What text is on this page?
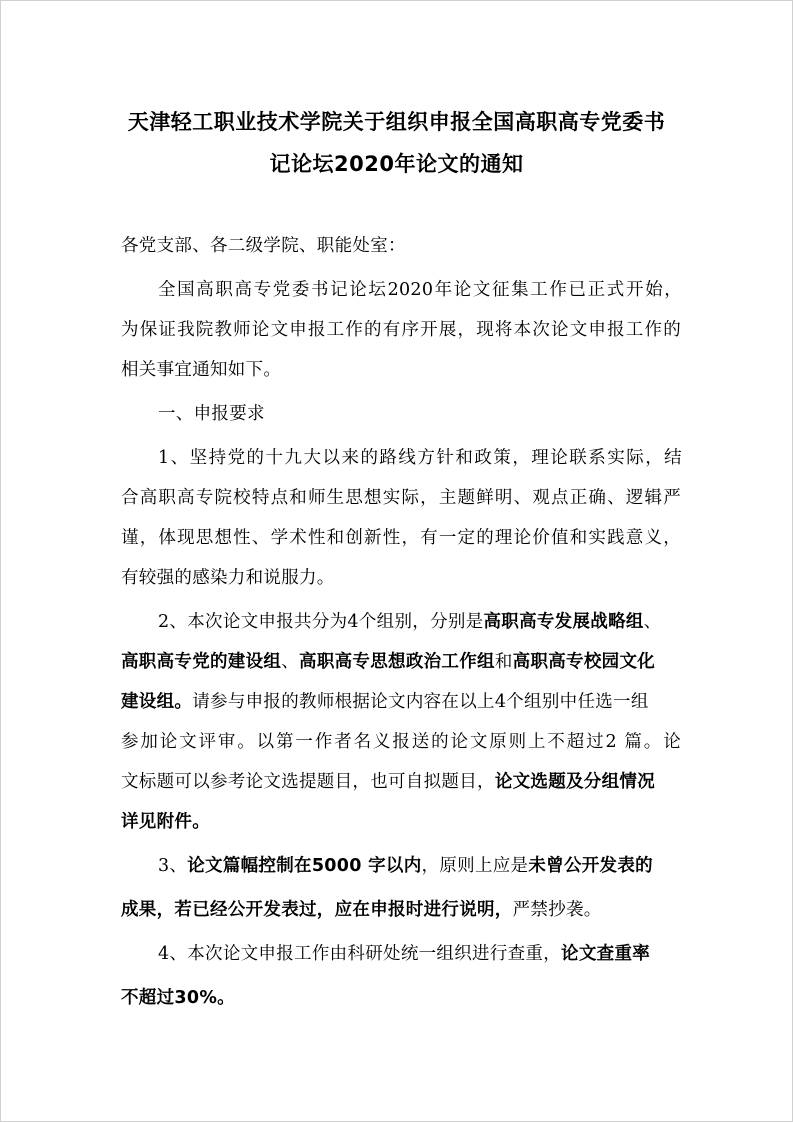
天津轻工职业技术学院关于组织申报全国高职高专党委书
记论坛2020年论文的通知
各党支部、各二级学院、职能处室：
全国高职高专党委书记论坛2020年论文征集工作已正式开始，
为保证我院教师论文申报工作的有序开展，现将本次论文申报工作的
相关事宜通知如下。
一、申报要求
1、坚持党的十九大以来的路线方针和政策，理论联系实际，结
合高职高专院校特点和师生思想实际，主题鲜明、观点正确、逻辑严
谨，体现思想性、学术性和创新性，有一定的理论价值和实践意义，
有较强的感染力和说服力。
2、本次论文申报共分为4个组别，分别是高职高专发展战略组、
高职高专党的建设组、高职高专思想政治工作组和高职高专校园文化
建设组。请参与申报的教师根据论文内容在以上4个组别中任选一组
参加论文评审。以第一作者名义报送的论文原则上不超过2 篇。论
文标题可以参考论文选提题目，也可自拟题目，论文选题及分组情况
详见附件。
3、论文篇幅控制在5000 字以内，原则上应是未曾公开发表的
成果，若已经公开发表过，应在申报时进行说明，严禁抄袭。
4、本次论文申报工作由科研处统一组织进行查重，论文查重率
不超过30%。
